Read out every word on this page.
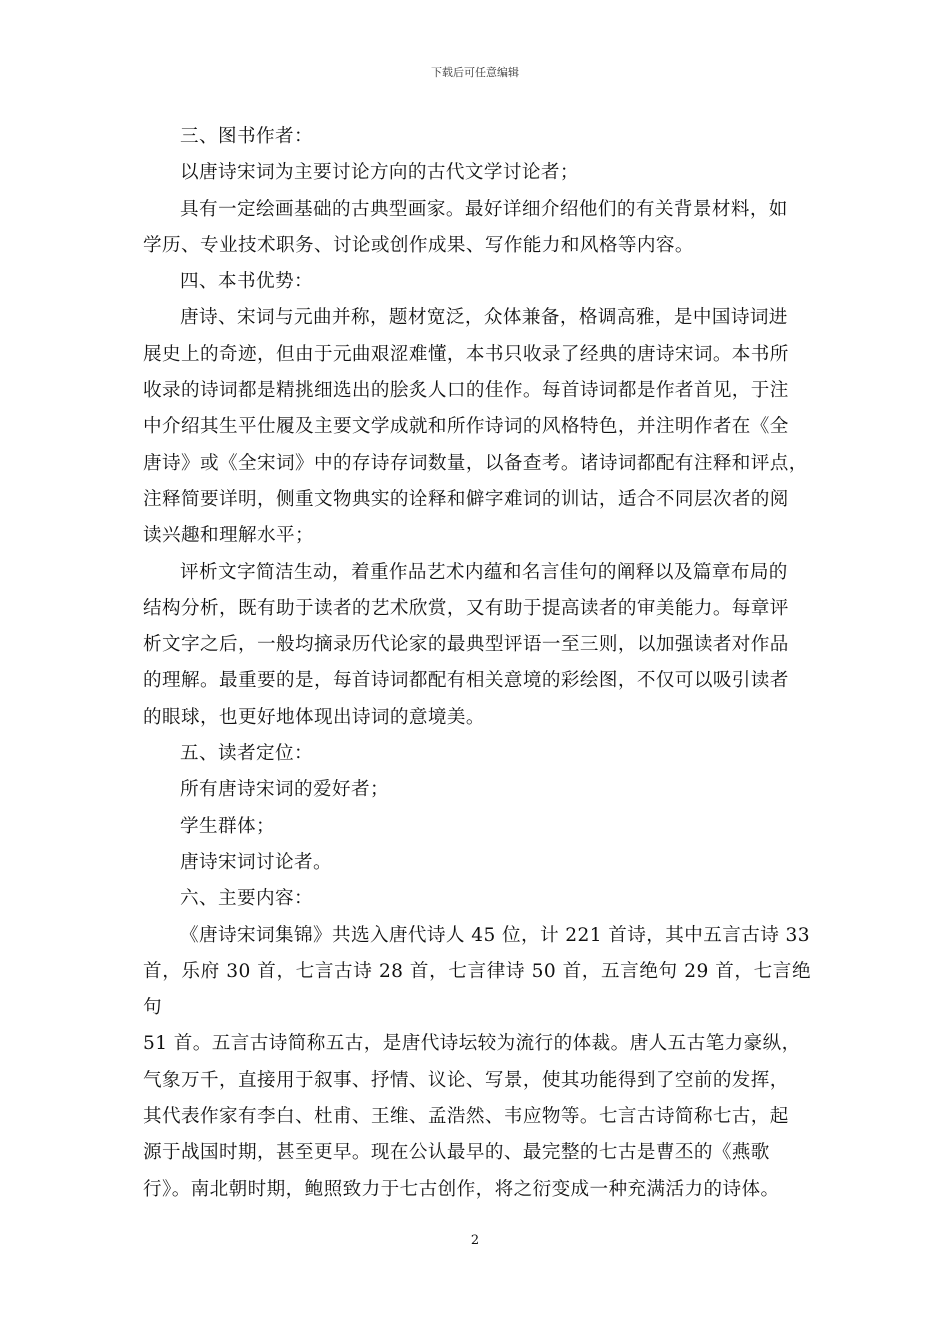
下载后可任意编辑

三、图书作者：

以唐诗宋词为主要讨论方向的古代文学讨论者；

具有一定绘画基础的古典型画家。最好详细介绍他们的有关背景材料，如

学历、专业技术职务、讨论或创作成果、写作能力和风格等内容。

四、本书优势：

唐诗、宋词与元曲并称，题材宽泛，众体兼备，格调高雅，是中国诗词进

展史上的奇迹，但由于元曲艰涩难懂，本书只收录了经典的唐诗宋词。本书所

收录的诗词都是精挑细选出的脍炙人口的佳作。每首诗词都是作者首见，于注

中介绍其生平仕履及主要文学成就和所作诗词的风格特色，并注明作者在《全

唐诗》或《全宋词》中的存诗存词数量，以备查考。诸诗词都配有注释和评点，

注释简要详明，侧重文物典实的诠释和僻字难词的训诂，适合不同层次者的阅

读兴趣和理解水平；

评析文字简洁生动，着重作品艺术内蕴和名言佳句的阐释以及篇章布局的

结构分析，既有助于读者的艺术欣赏，又有助于提高读者的审美能力。每章评

析文字之后，一般均摘录历代论家的最典型评语一至三则，以加强读者对作品

的理解。最重要的是，每首诗词都配有相关意境的彩绘图，不仅可以吸引读者

的眼球，也更好地体现出诗词的意境美。

五、读者定位：

所有唐诗宋词的爱好者；

学生群体；

唐诗宋词讨论者。

六、主要内容：

《唐诗宋词集锦》共选入唐代诗人 45 位，计 221 首诗，其中五言古诗 33

首，乐府 30 首，七言古诗 28 首，七言律诗 50 首，五言绝句 29 首，七言绝句

51 首。五言古诗简称五古，是唐代诗坛较为流行的体裁。唐人五古笔力豪纵，

气象万千，直接用于叙事、抒情、议论、写景，使其功能得到了空前的发挥，

其代表作家有李白、杜甫、王维、孟浩然、韦应物等。七言古诗简称七古，起

源于战国时期，甚至更早。现在公认最早的、最完整的七古是曹丕的《燕歌

行》。南北朝时期，鲍照致力于七古创作，将之衍变成一种充满活力的诗体。

2
